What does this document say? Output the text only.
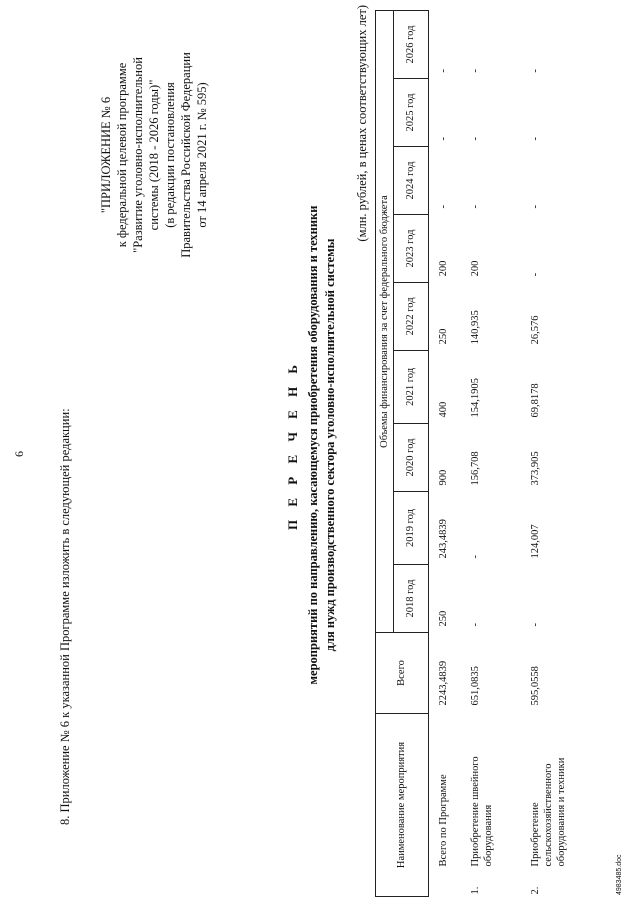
6	8. Приложение № 6 к указанной Программе изложить в следующей редакции:
"ПРИЛОЖЕНИЕ № 6 к федеральной целевой программе "Развитие уголовно-исполнительной системы (2018 - 2026 годы)" (в редакции постановления Правительства Российской Федерации от 14 апреля 2021 г. № 595)
П Е Р Е Ч Е Н Ь мероприятий по направлению, касающемуся приобретения оборудования и техники для нужд производственного сектора уголовно-исполнительной системы
(млн. рублей, в ценах соответствующих лет)
Наименование мероприятия		Всего	Объемы финансирования за счет федерального бюджета								
			2018 год	2019 год	2020 год	2021 год	2022 год	2023 год	2024 год	2025 год	2026 год
	Всего по Программе	2243,4839	250	243,4839	900	400	250	200	-	-	-
1.	Приобретение швейного оборудования	651,0835	-	-	156,708	154,1905	140,935	200	-	-	-
2.	Приобретение сельскохозяйственного оборудования и техники	595,0558	-	124,007	373,905	69,8178	26,576	-	-	-	-
4983485.doc
